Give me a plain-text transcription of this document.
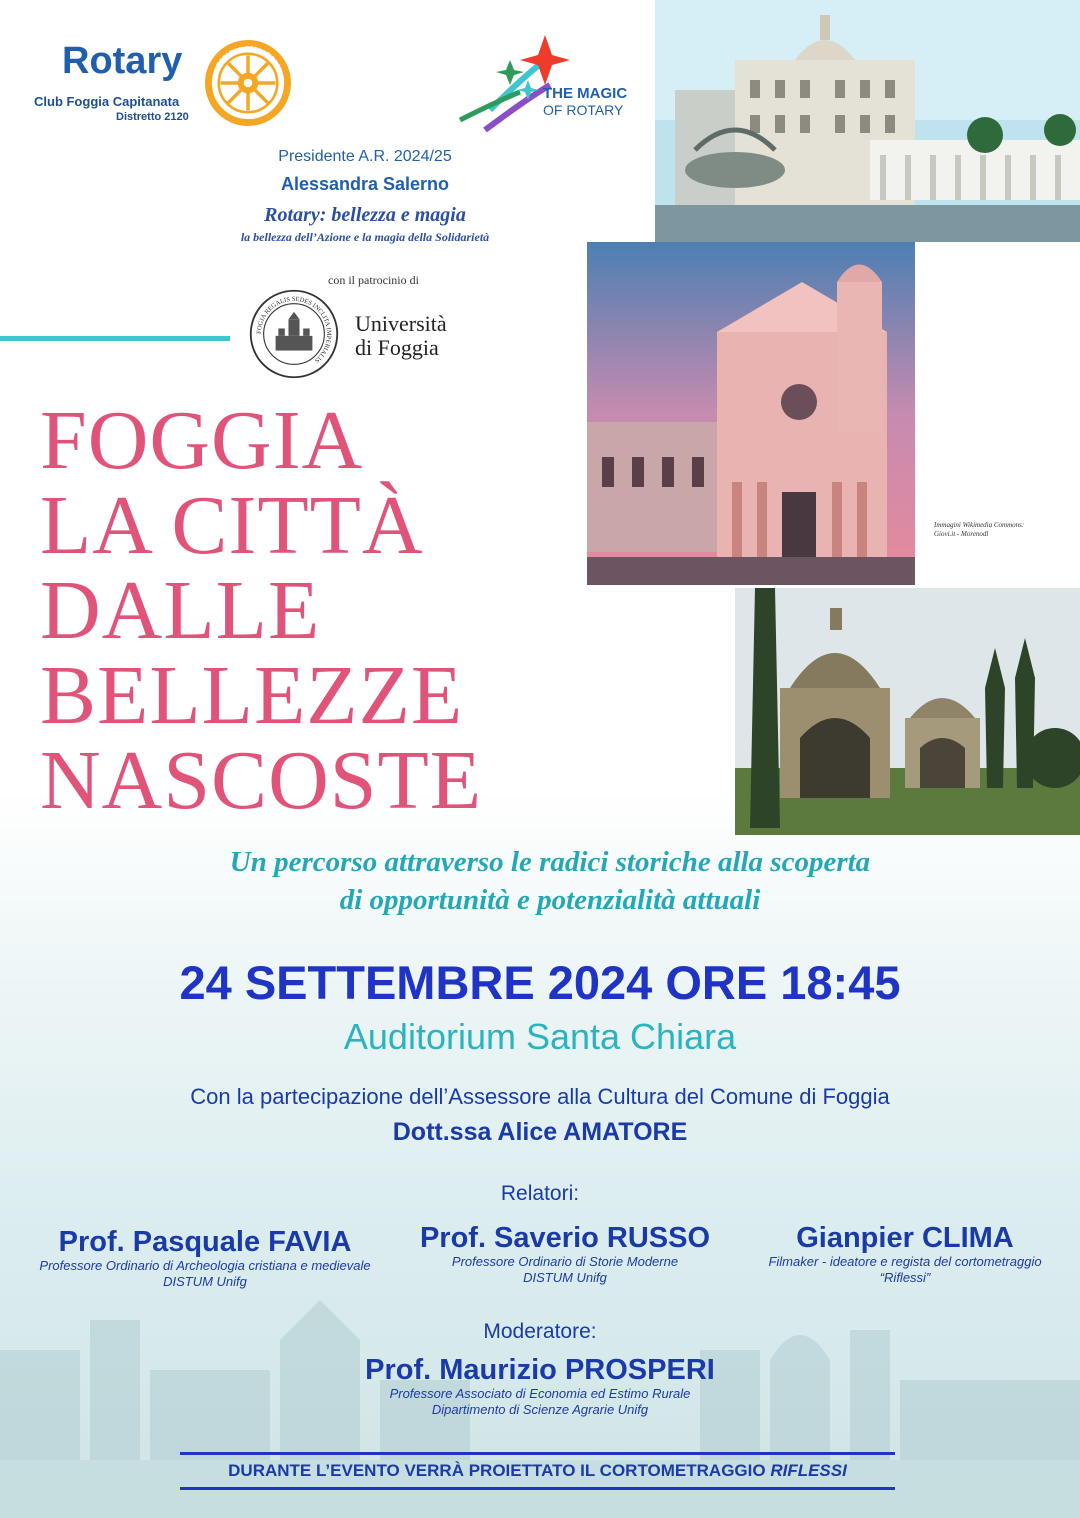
Rotary
Club Foggia Capitanata
Distretto 2120
ROTARY INTERNATIONAL
THE MAGIC
OF ROTARY
Presidente A.R. 2024/25
Alessandra Salerno
Rotary: bellezza e magia
la bellezza dell’Azione e la magia della Solidarietà
con il patrocinio di
FOGIA REGALIS SEDES INCLITA IMPERIALIS
Università
di Foggia
Immagini Wikimedia Commons:
Giovi.it - Morenodl
FOGGIA
LA CITTÀ
DALLE
BELLEZZE
NASCOSTE
Un percorso attraverso le radici storiche alla scoperta
di opportunità e potenzialità attuali
24 SETTEMBRE 2024 ORE 18:45
Auditorium Santa Chiara
Con la partecipazione dell’Assessore alla Cultura del Comune di Foggia
Dott.ssa Alice AMATORE
Relatori:
Prof. Pasquale FAVIA
Professore Ordinario di Archeologia cristiana e medievale
DISTUM Unifg
Prof. Saverio RUSSO
Professore Ordinario di Storie Moderne
DISTUM Unifg
Gianpier CLIMA
Filmaker - ideatore e regista del cortometraggio
“Riflessi”
Moderatore:
Prof. Maurizio PROSPERI
Professore Associato di Economia ed Estimo Rurale
Dipartimento di Scienze Agrarie Unifg
DURANTE L’EVENTO VERRÀ PROIETTATO IL CORTOMETRAGGIO RIFLESSI
